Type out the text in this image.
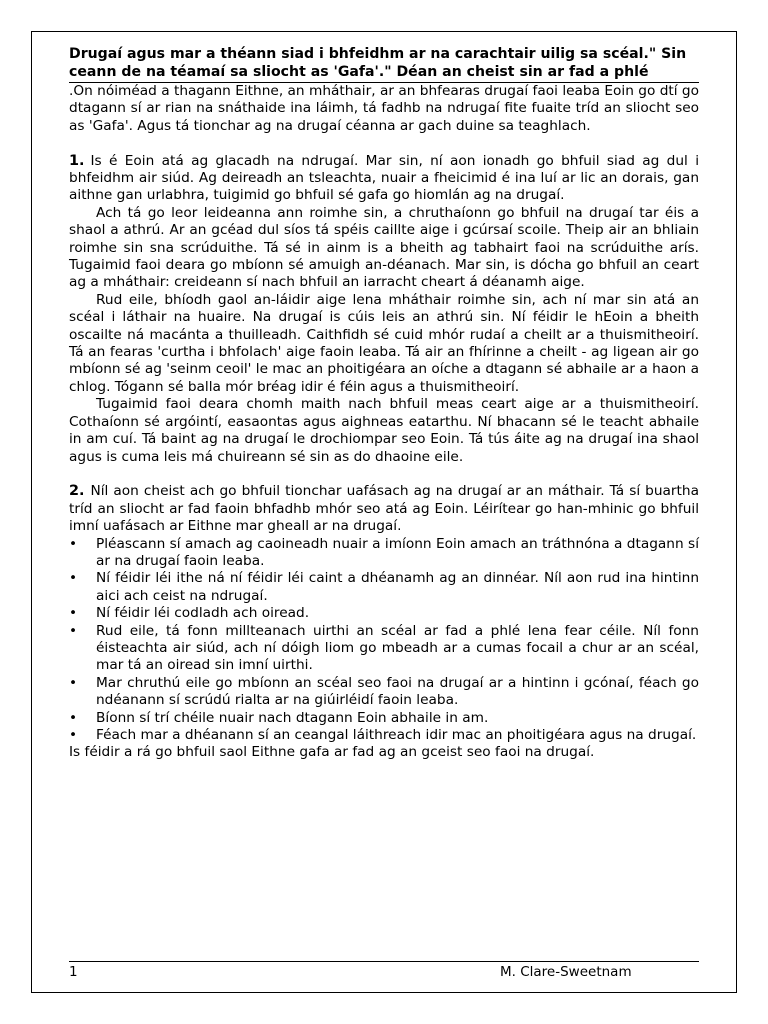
Drugaí agus mar a théann siad i bhfeidhm ar na carachtair uilig sa scéal." Sin ceann de na téamaí sa sliocht as 'Gafa'." Déan an cheist sin ar fad a phlé

.On nóiméad a thagann Eithne, an mháthair, ar an bhfearas drugaí faoi leaba Eoin go dtí go dtagann sí ar rian na snáthaide ina láimh, tá fadhb na ndrugaí fite fuaite tríd an sliocht seo as 'Gafa'. Agus tá tionchar ag na drugaí céanna ar gach duine sa teaghlach.

1. Is é Eoin atá ag glacadh na ndrugaí. Mar sin, ní aon ionadh go bhfuil siad ag dul i bhfeidhm air siúd. Ag deireadh an tsleachta, nuair a fheicimid é ina luí ar lic an dorais, gan aithne gan urlabhra, tuigimid go bhfuil sé gafa go hiomlán ag na drugaí.

Ach tá go leor leideanna ann roimhe sin, a chruthaíonn go bhfuil na drugaí tar éis a shaol a athrú. Ar an gcéad dul síos tá spéis caillte aige i gcúrsaí scoile. Theip air an bhliain roimhe sin sna scrúduithe. Tá sé in ainm is a bheith ag tabhairt faoi na scrúduithe arís. Tugaimid faoi deara go mbíonn sé amuigh an-déanach. Mar sin, is dócha go bhfuil an ceart ag a mháthair: creideann sí nach bhfuil an iarracht cheart á déanamh aige.

Rud eile, bhíodh gaol an-láidir aige lena mháthair roimhe sin, ach ní mar sin atá an scéal i láthair na huaire. Na drugaí is cúis leis an athrú sin. Ní féidir le hEoin a bheith oscailte ná macánta a thuilleadh. Caithfidh sé cuid mhór rudaí a cheilt ar a thuismitheoirí. Tá an fearas 'curtha i bhfolach' aige faoin leaba. Tá air an fhírinne a cheilt - ag ligean air go mbíonn sé ag 'seinm ceoil' le mac an phoitigéara an oíche a dtagann sé abhaile ar a haon a chlog. Tógann sé balla mór bréag idir é féin agus a thuismitheoirí.

Tugaimid faoi deara chomh maith nach bhfuil meas ceart aige ar a thuismitheoirí. Cothaíonn sé argóintí, easaontas agus aighneas eatarthu. Ní bhacann sé le teacht abhaile in am cuí. Tá baint ag na drugaí le drochiompar seo Eoin. Tá tús áite ag na drugaí ina shaol agus is cuma leis má chuireann sé sin as do dhaoine eile.

2. Níl aon cheist ach go bhfuil tionchar uafásach ag na drugaí ar an máthair. Tá sí buartha tríd an sliocht ar fad faoin bhfadhb mhór seo atá ag Eoin. Léirítear go han-mhinic go bhfuil imní uafásach ar Eithne mar gheall ar na drugaí.

• Pléascann sí amach ag caoineadh nuair a imíonn Eoin amach an tráthnóna a dtagann sí ar na drugaí faoin leaba.
• Ní féidir léi ithe ná ní féidir léi caint a dhéanamh ag an dinnéar. Níl aon rud ina hintinn aici ach ceist na ndrugaí.
• Ní féidir léi codladh ach oiread.
• Rud eile, tá fonn millteanach uirthi an scéal ar fad a phlé lena fear céile. Níl fonn éisteachta air siúd, ach ní dóigh liom go mbeadh ar a cumas focail a chur ar an scéal, mar tá an oiread sin imní uirthi.
• Mar chruthú eile go mbíonn an scéal seo faoi na drugaí ar a hintinn i gcónaí, féach go ndéanann sí scrúdú rialta ar na giúirléidí faoin leaba.
• Bíonn sí trí chéile nuair nach dtagann Eoin abhaile in am.
• Féach mar a dhéanann sí an ceangal láithreach idir mac an phoitigéara agus na drugaí.

Is féidir a rá go bhfuil saol Eithne gafa ar fad ag an gceist seo faoi na drugaí.

1	M. Clare-Sweetnam
